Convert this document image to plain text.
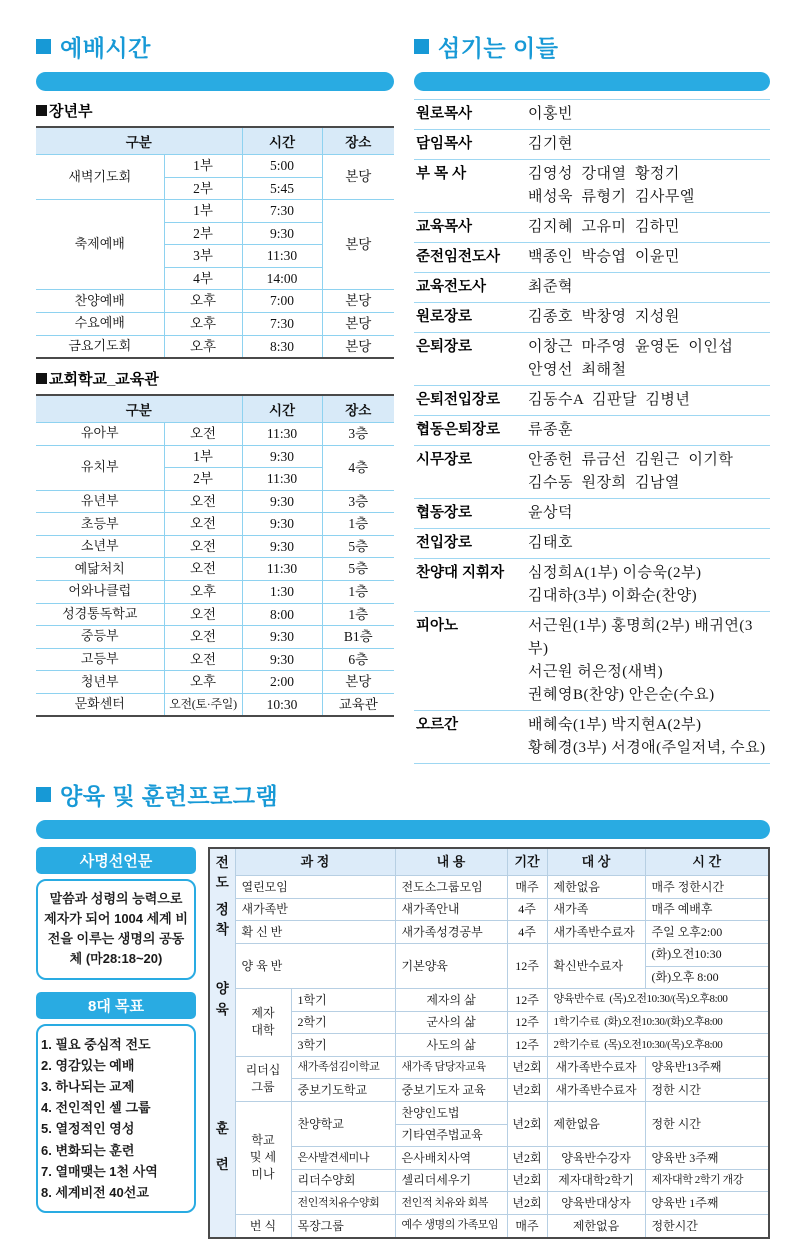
예배시간
장년부
구분		시간	장소
새벽기도회	1부	5:00	본당
	2부	5:45	
축제예배	1부	7:30	본당
	2부	9:30	
	3부	11:30	
	4부	14:00	
찬양예배	오후	7:00	본당
수요예배	오후	7:30	본당
금요기도회	오후	8:30	본당
교회학교_교육관
구분		시간	장소
유아부	오전	11:30	3층
유치부	1부	9:30	4층
	2부	11:30	
유년부	오전	9:30	3층
초등부	오전	9:30	1층
소년부	오전	9:30	5층
예닮처치	오전	11:30	5층
어와나클럽	오후	1:30	1층
성경통독학교	오전	8:00	1층
중등부	오전	9:30	B1층
고등부	오전	9:30	6층
청년부	오후	2:00	본당
문화센터	오전(토·주일)	10:30	교육관
섬기는 이들
원로목사	이홍빈
담임목사	김기현
부 목 사	김영성  강대열  황정기
배성욱  류형기  김사무엘
교육목사	김지혜  고유미  김하민
준전임전도사	백종인  박승엽  이윤민
교육전도사	최준혁
원로장로	김종호  박창영  지성원
은퇴장로	이창근  마주영  윤영돈  이인섭
안영선  최해철
은퇴전입장로	김동수A  김판달  김병년
협동은퇴장로	류종훈
시무장로	안종헌  류금선  김원근  이기학
김수동  원장희  김남열
협동장로	윤상덕
전입장로	김태호
찬양대 지휘자	심정희A(1부) 이승욱(2부)
김대하(3부) 이화순(찬양)
피아노	서근원(1부) 홍명희(2부) 배귀연(3부)
서근원 허은정(새벽)
권혜영B(찬양) 안은순(수요)
오르간	배혜숙(1부) 박지현A(2부)
황혜경(3부) 서경애(주일저녁, 수요)
양육 및 훈련프로그램
사명선언문
말씀과 성령의 능력으로 제자가 되어 1004 세계 비전을 이루는 생명의 공동체 (마28:18~20)
8대 목표
1. 필요 중심적 전도
2. 영감있는 예배
3. 하나되는 교제
4. 전인적인 셀 그룹
5. 열정적인 영성
6. 변화되는 훈련
7. 열매맺는 1천 사역
8. 세계비전 40선교
전도	과 정		내 용	기간	대 상	시 간
	열린모임		전도소그룹모임	매주	제한없음	매주 정한시간
정착	새가족반		새가족안내	4주	새가족	매주 예배후
	확 신 반		새가족성경공부	4주	새가족반수료자	주일 오후2:00
양육	양 육 반		기본양육	12주	확신반수료자	(화)오전10:30
						(화)오후 8:00
	제자 대학	1학기	제자의 삶	12주	양육반수료  (목)오전10:30/(목)오후8:00	
		2학기	군사의 삶	12주	1학기수료  (화)오전10:30/(화)오후8:00	
		3학기	사도의 삶	12주	2학기수료  (목)오전10:30/(목)오후8:00	
훈련	리더십 그룹	새가족섬김이학교	새가족 담당자교육	년2회	새가족반수료자	양육반13주째
		중보기도학교	중보기도자 교육	년2회	새가족반수료자	정한 시간
	학교 및 세미나	찬양학교	찬양인도법	년2회	제한없음	정한 시간
			기타연주법교육			
		은사발견세미나	은사배치사역	년2회	양육반수강자	양육반 3주째
		리더수양회	셀리더세우기	년2회	제자대학2학기	제자대학 2학기 개강
		전인적치유수양회	전인적 치유와 회복	년2회	양육반대상자	양육반 1주째
	번 식	목장그룹	예수 생명의 가족모임	매주	제한없음	정한시간
